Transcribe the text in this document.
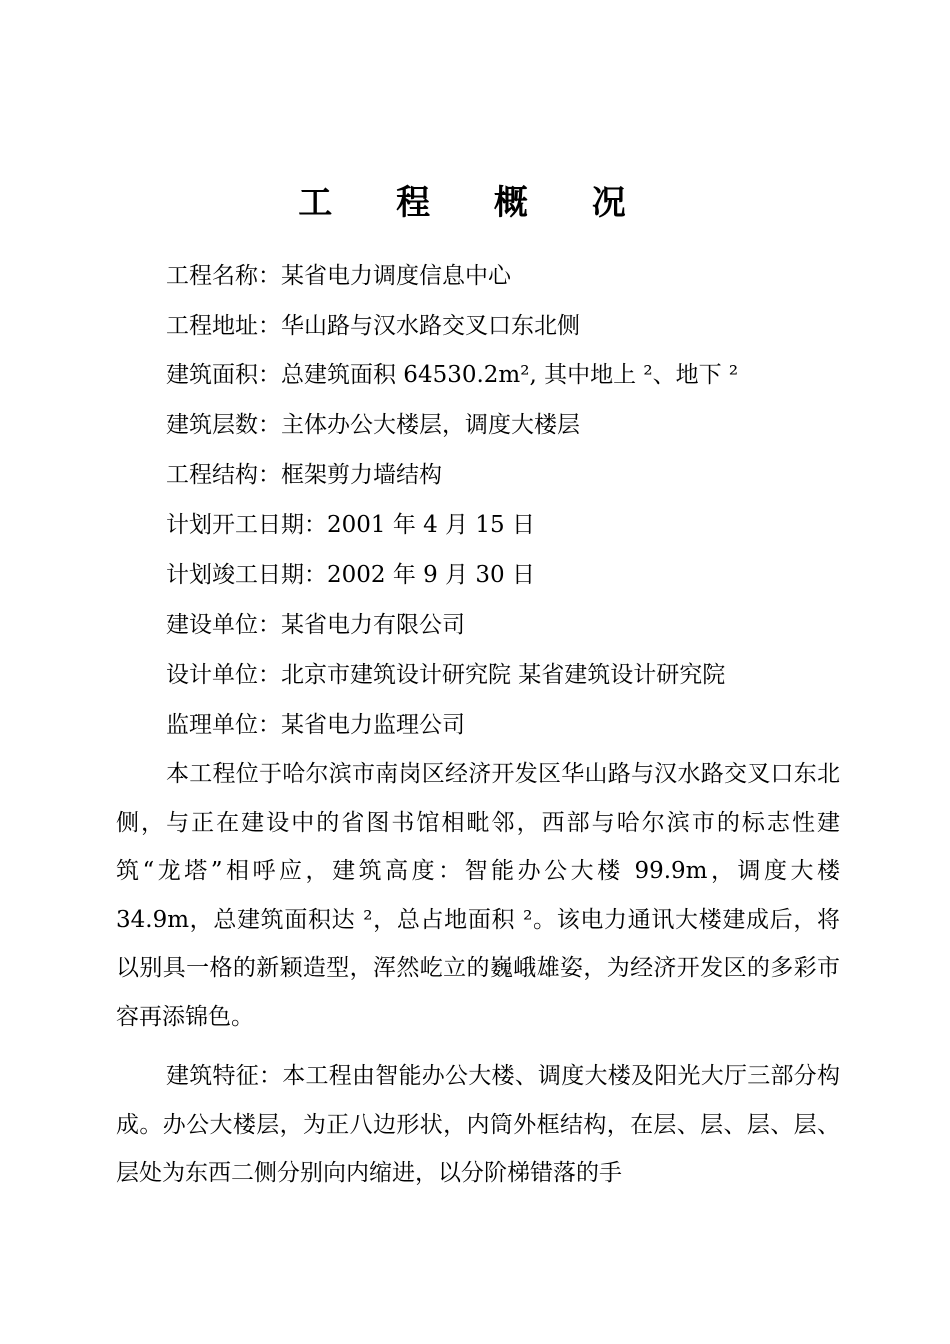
工 程 概 况
工程名称：某省电力调度信息中心
工程地址：华山路与汉水路交叉口东北侧
建筑面积：总建筑面积 64530.2m², 其中地上 ²、地下 ²
建筑层数：主体办公大楼层，调度大楼层
工程结构：框架剪力墙结构
计划开工日期：2001 年 4 月 15 日
计划竣工日期：2002 年 9 月 30 日
建设单位：某省电力有限公司
设计单位：北京市建筑设计研究院 某省建筑设计研究院
监理单位：某省电力监理公司

本工程位于哈尔滨市南岗区经济开发区华山路与汉水路交叉口东北侧，与正在建设中的省图书馆相毗邻，西部与哈尔滨市的标志性建筑“龙塔”相呼应，建筑高度：智能办公大楼 99.9m，调度大楼 34.9m，总建筑面积达 ²，总占地面积 ²。该电力通讯大楼建成后，将以别具一格的新颖造型，浑然屹立的巍峨雄姿，为经济开发区的多彩市容再添锦色。

建筑特征：本工程由智能办公大楼、调度大楼及阳光大厅三部分构成。办公大楼层，为正八边形状，内筒外框结构，在层、层、层、层、层处为东西二侧分别向内缩进，以分阶梯错落的手
